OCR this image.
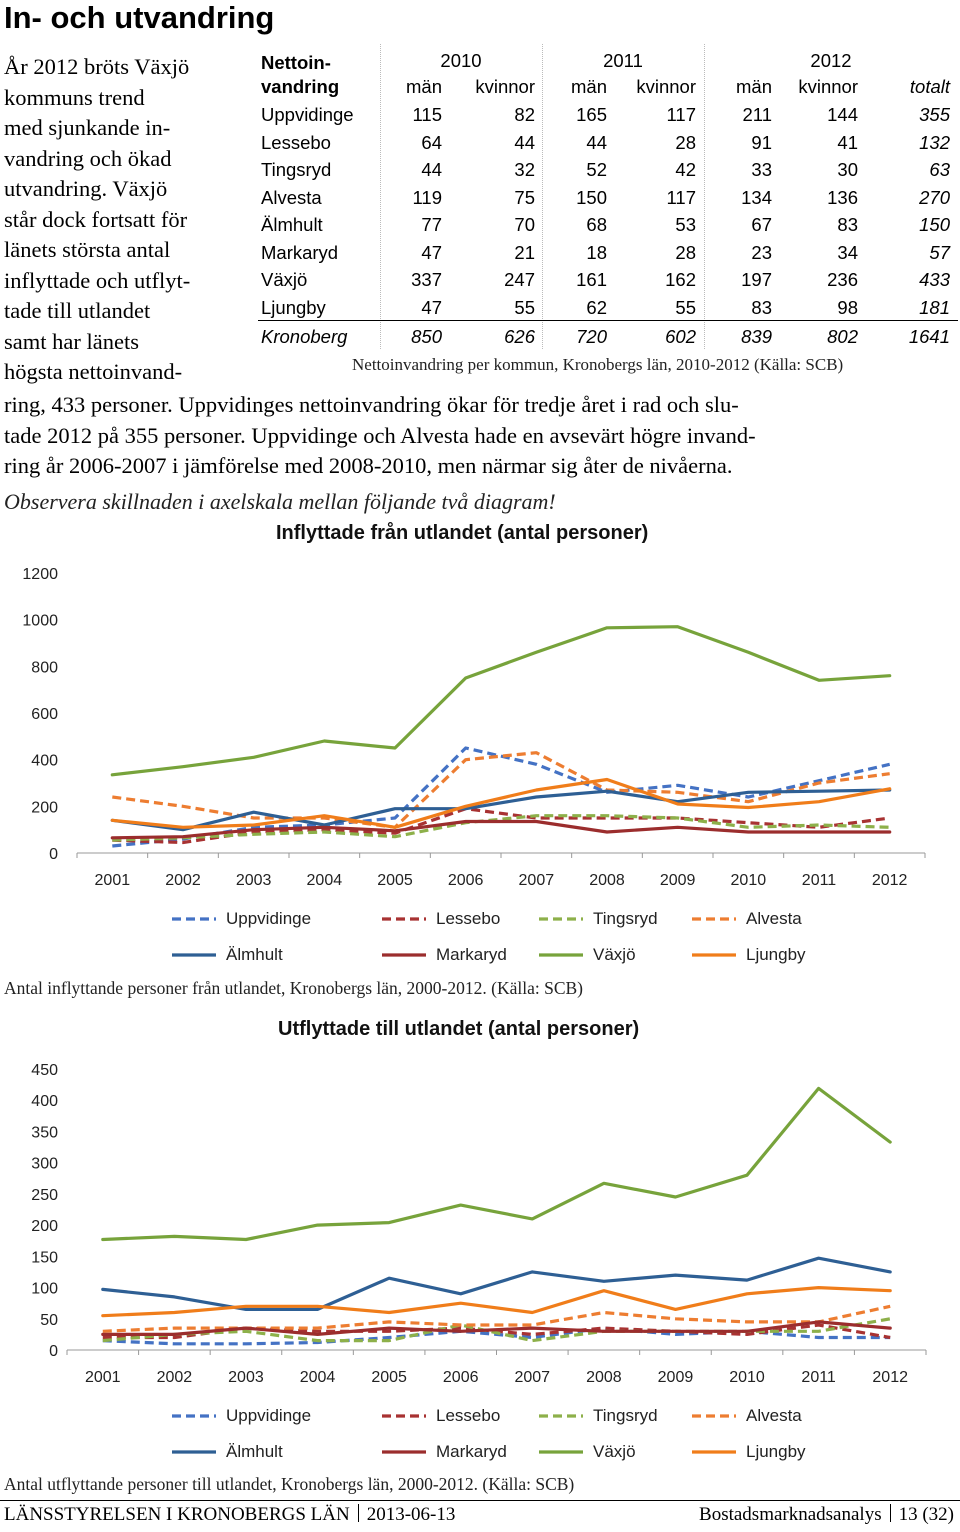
In- och utvandring
År 2012 bröts Växjö
kommuns trend
med sjunkande in-
vandring och ökad
utvandring. Växjö
står dock fortsatt för
länets största antal
inflyttade och utflyt-
tade till utlandet
samt har länets
högsta nettoinvand-
ring, 433 personer. Uppvidinges nettoinvandring ökar för tredje året i rad och slu-
tade 2012 på 355 personer. Uppvidinge och Alvesta hade en avsevärt högre invand-
ring år 2006-2007 i jämförelse med 2008-2010, men närmar sig åter de nivåerna.
Observera skillnaden i axelskala mellan följande två diagram!
Nettoin-
vandring
2010	2011	2012
män	kvinnor	män	kvinnor	män	kvinnor	totalt
Uppvidinge	115	82	165	117	211	144	355
Lessebo	64	44	44	28	91	41	132
Tingsryd	44	32	52	42	33	30	63
Alvesta	119	75	150	117	134	136	270
Älmhult	77	70	68	53	67	83	150
Markaryd	47	21	18	28	23	34	57
Växjö	337	247	161	162	197	236	433
Ljungby	47	55	62	55	83	98	181
Kronoberg	850	626	720	602	839	802	1641
Nettoinvandring per kommun, Kronobergs län, 2010-2012 (Källa: SCB)
Inflyttade från utlandet (antal personer)
0
200
400
600
800
1000
1200
2001 2002 2003 2004 2005 2006 2007 2008 2009 2010 2011 2012
Uppvidinge	Lessebo	Tingsryd	Alvesta
Älmhult	Markaryd	Växjö	Ljungby
Antal inflyttande personer från utlandet, Kronobergs län, 2000-2012. (Källa: SCB)
Utflyttade till utlandet (antal personer)
0
50
100
150
200
250
300
350
400
450
2001 2002 2003 2004 2005 2006 2007 2008 2009 2010 2011 2012
Uppvidinge	Lessebo	Tingsryd	Alvesta
Älmhult	Markaryd	Växjö	Ljungby
Antal utflyttande personer till utlandet, Kronobergs län, 2000-2012. (Källa: SCB)
LÄNSSTYRELSEN I KRONOBERGS LÄN 2013-06-13	Bostadsmarknadsanalys 13 (32)
